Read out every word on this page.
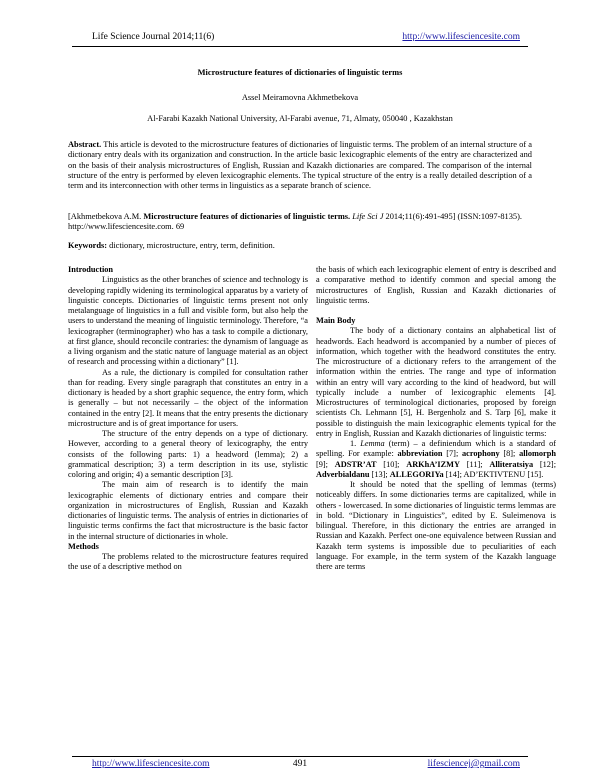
Life Science Journal 2014;11(6)	http://www.lifesciencesite.com
Microstructure features of dictionaries of linguistic terms
Assel Meiramovna Akhmetbekova
Al-Farabi Kazakh National University, Al-Farabi avenue, 71, Almaty, 050040 , Kazakhstan
Abstract. This article is devoted to the microstructure features of dictionaries of linguistic terms. The problem of an internal structure of a dictionary entry deals with its organization and construction. In the article basic lexicographic elements of the entry are characterized and on the basis of their analysis microstructures of English, Russian and Kazakh dictionaries are compared. The comparison of the internal structure of the entry is performed by eleven lexicographic elements. The typical structure of the entry is a really detailed description of a term and its interconnection with other terms in linguistics as a separate branch of science.
[Akhmetbekova A.M. Microstructure features of dictionaries of linguistic terms. Life Sci J 2014;11(6):491-495] (ISSN:1097-8135). http://www.lifesciencesite.com. 69
Keywords: dictionary, microstructure, entry, term, definition.

Introduction

Linguistics as the other branches of science and technology is developing rapidly widening its terminological apparatus by a variety of linguistic concepts. Dictionaries of linguistic terms present not only metalanguage of linguistics in a full and visible form, but also help the users to understand the meaning of linguistic terminology. Therefore, “a lexicographer (terminographer) who has a task to compile a dictionary, at first glance, should reconcile contraries: the dynamism of language as a living organism and the static nature of language material as an object of research and processing within a dictionary” [1].

As a rule, the dictionary is compiled for consultation rather than for reading. Every single paragraph that constitutes an entry in a dictionary is headed by a short graphic sequence, the entry form, which is generally – but not necessarily – the object of the information contained in the entry [2]. It means that the entry presents the dictionary microstructure and is of great importance for users.

The structure of the entry depends on a type of dictionary. However, according to a general theory of lexicography, the entry consists of the following parts: 1) a headword (lemma); 2) a grammatical description; 3) a term description in its use, stylistic coloring and origin; 4) a semantic description [3].

The main aim of research is to identify the main lexicographic elements of dictionary entries and compare their organization in microstructures of English, Russian and Kazakh dictionaries of linguistic terms. The analysis of entries in dictionaries of linguistic terms confirms the fact that microstructure is the basic factor in the internal structure of dictionaries in whole.

Methods

The problems related to the microstructure features required the use of a descriptive method on

the basis of which each lexicographic element of entry is described and a comparative method to identify common and special among the microstructures of English, Russian and Kazakh dictionaries of linguistic terms.

Main Body

The body of a dictionary contains an alphabetical list of headwords. Each headword is accompanied by a number of pieces of information, which together with the headword constitutes the entry. The microstructure of a dictionary refers to the arrangement of the information within the entries. The range and type of information within an entry will vary according to the kind of headword, but will typically include a number of lexicographic elements [4]. Microstructures of terminological dictionaries, proposed by foreign scientists Ch. Lehmann [5], H. Bergenholz and S. Tarp [6], make it possible to distinguish the main lexicographic elements typical for the entry in English, Russian and Kazakh dictionaries of linguistic terms:

1. Lemma (term) – a definiendum which is a standard of spelling. For example: abbreviation [7]; acrophony [8]; allomorph [9]; ADSTR’AT [10]; ARKhA’IZMY [11]; Alliteratsiya [12]; Adverbialdanu [13]; ALLEGORIYa [14]; AD’EKTIVTENU [15].

It should be noted that the spelling of lemmas (terms) noticeably differs. In some dictionaries terms are capitalized, while in others - lowercased. In some dictionaries of linguistic terms lemmas are in bold. “Dictionary in Linguistics”, edited by E. Suleimenova is bilingual. Therefore, in this dictionary the entries are arranged in Russian and Kazakh. Perfect one-one equivalence between Russian and Kazakh term systems is impossible due to peculiarities of each language. For example, in the term system of the Kazakh language there are terms

http://www.lifesciencesite.com	491	lifesciencej@gmail.com
